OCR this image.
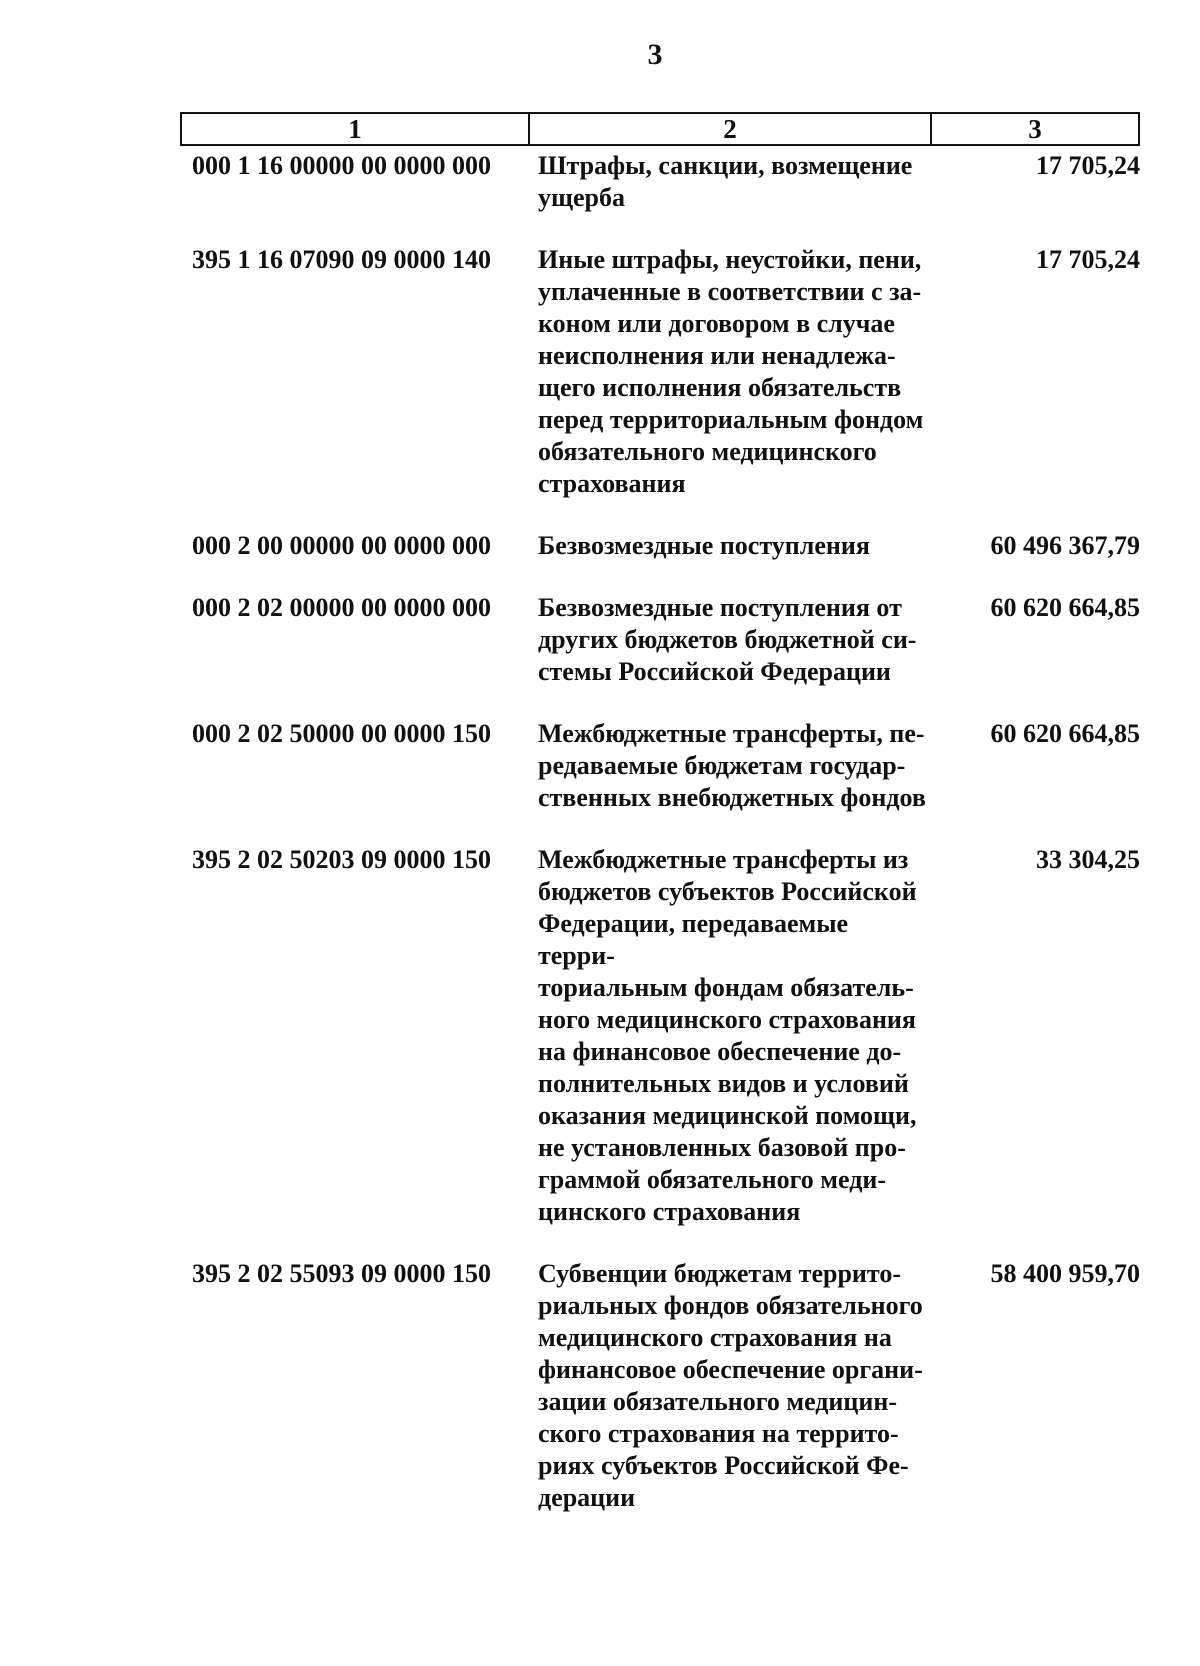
3
1	2	3
000 1 16 00000 00 0000 000	Штрафы, санкции, возмещение
ущерба
17 705,24
395 1 16 07090 09 0000 140	Иные штрафы, неустойки, пени,
уплаченные в соответствии с за-
коном или договором в случае
неисполнения или ненадлежа-
щего исполнения обязательств
перед территориальным фондом
обязательного медицинского
страхования
17 705,24
000 2 00 00000 00 0000 000	Безвозмездные поступления	60 496 367,79
000 2 02 00000 00 0000 000	Безвозмездные поступления от
других бюджетов бюджетной си-
стемы Российской Федерации
60 620 664,85
000 2 02 50000 00 0000 150	Межбюджетные трансферты, пе-
редаваемые бюджетам государ-
ственных внебюджетных фондов
60 620 664,85
395 2 02 50203 09 0000 150	Межбюджетные трансферты из
бюджетов субъектов Российской
Федерации, передаваемые терри-
ториальным фондам обязатель-
ного медицинского страхования
на финансовое обеспечение до-
полнительных видов и условий
оказания медицинской помощи,
не установленных базовой про-
граммой обязательного меди-
цинского страхования
33 304,25
395 2 02 55093 09 0000 150	Субвенции бюджетам террито-
риальных фондов обязательного
медицинского страхования на
финансовое обеспечение органи-
зации обязательного медицин-
ского страхования на террито-
риях субъектов Российской Фе-
дерации
58 400 959,70
